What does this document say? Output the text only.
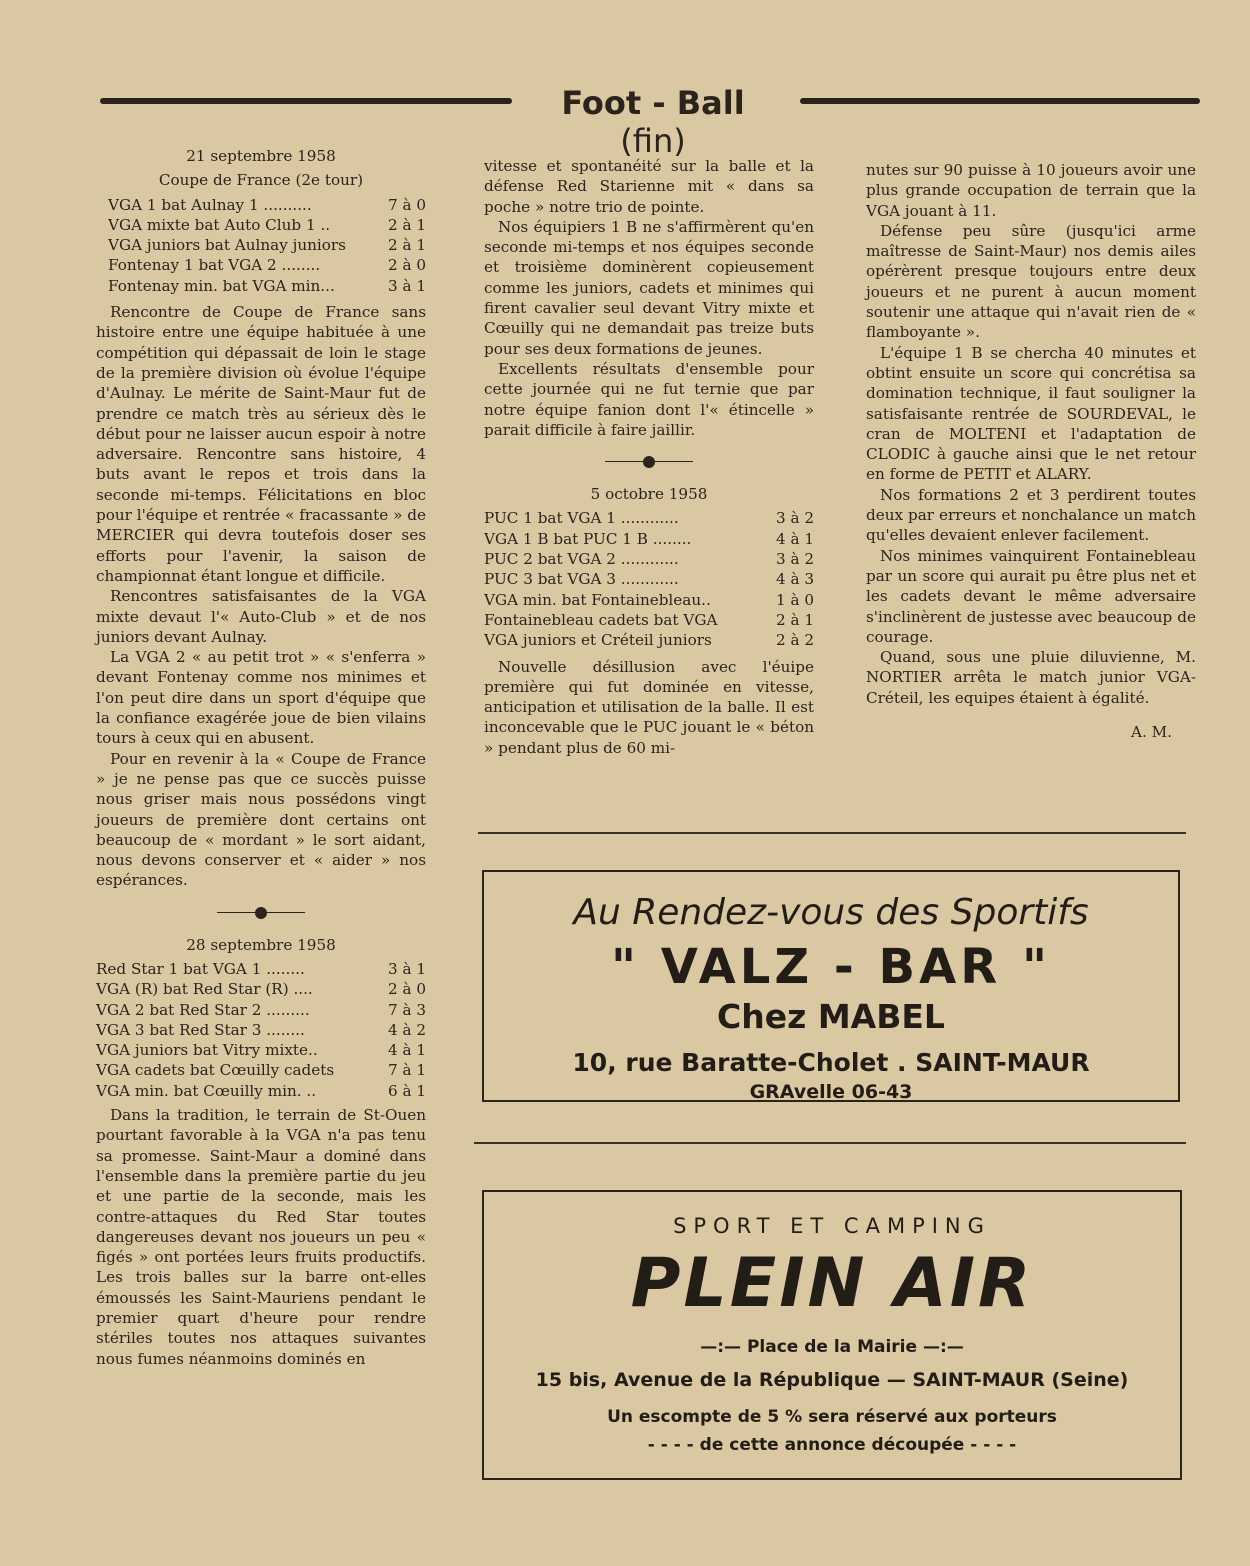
Foot - Ball (fin)
21 septembre 1958
Coupe de France (2e tour)
VGA 1 bat Aulnay 1 ..........	7 à 0
VGA mixte bat Auto Club 1 ..	2 à 1
VGA juniors bat Aulnay juniors	2 à 1
Fontenay 1 bat VGA 2 ........	2 à 0
Fontenay min. bat VGA min...	3 à 1

Rencontre de Coupe de France sans histoire entre une équipe habituée à une compétition qui dépassait de loin le stage de la première division où évolue l'équipe d'Aulnay. Le mérite de Saint-Maur fut de prendre ce match très au sérieux dès le début pour ne laisser aucun espoir à notre adversaire. Rencontre sans histoire, 4 buts avant le repos et trois dans la seconde mi-temps. Félicitations en bloc pour l'équipe et rentrée « fracassante » de MERCIER qui devra toutefois doser ses efforts pour l'avenir, la saison de championnat étant longue et difficile.

Rencontres satisfaisantes de la VGA mixte devaut l'« Auto-Club » et de nos juniors devant Aulnay.

La VGA 2 « au petit trot » « s'enferra » devant Fontenay comme nos minimes et l'on peut dire dans un sport d'équipe que la confiance exagérée joue de bien vilains tours à ceux qui en abusent.

Pour en revenir à la « Coupe de France » je ne pense pas que ce succès puisse nous griser mais nous possédons vingt joueurs de première dont certains ont beaucoup de « mordant » le sort aidant, nous devons conserver et « aider » nos espérances.

28 septembre 1958
Red Star 1 bat VGA 1 ........	3 à 1
VGA (R) bat Red Star (R) ....	2 à 0
VGA 2 bat Red Star 2 .........	7 à 3
VGA 3 bat Red Star 3 ........	4 à 2
VGA juniors bat Vitry mixte..	4 à 1
VGA cadets bat Cœuilly cadets	7 à 1
VGA min. bat Cœuilly min. ..	6 à 1

Dans la tradition, le terrain de St-Ouen pourtant favorable à la VGA n'a pas tenu sa promesse. Saint-Maur a dominé dans l'ensemble dans la première partie du jeu et une partie de la seconde, mais les contre-attaques du Red Star toutes dangereuses devant nos joueurs un peu « figés » ont portées leurs fruits productifs. Les trois balles sur la barre ont-elles émoussés les Saint-Mauriens pendant le premier quart d'heure pour rendre stériles toutes nos attaques suivantes nous fumes néanmoins dominés en

vitesse et spontanéité sur la balle et la défense Red Starienne mit « dans sa poche » notre trio de pointe.

Nos équipiers 1 B ne s'affirmèrent qu'en seconde mi-temps et nos équipes seconde et troisième dominèrent copieusement comme les juniors, cadets et minimes qui firent cavalier seul devant Vitry mixte et Cœuilly qui ne demandait pas treize buts pour ses deux formations de jeunes.

Excellents résultats d'ensemble pour cette journée qui ne fut ternie que par notre équipe fanion dont l'« étincelle » parait difficile à faire jaillir.

5 octobre 1958
PUC 1 bat VGA 1 ............	3 à 2
VGA 1 B bat PUC 1 B ........	4 à 1
PUC 2 bat VGA 2 ............	3 à 2
PUC 3 bat VGA 3 ............	4 à 3
VGA min. bat Fontainebleau..	1 à 0
Fontainebleau cadets bat VGA	2 à 1
VGA juniors et Créteil juniors	2 à 2

Nouvelle désillusion avec l'éuipe première qui fut dominée en vitesse, anticipation et utilisation de la balle. Il est inconcevable que le PUC jouant le « béton » pendant plus de 60 mi-

nutes sur 90 puisse à 10 joueurs avoir une plus grande occupation de terrain que la VGA jouant à 11.

Défense peu sûre (jusqu'ici arme maîtresse de Saint-Maur) nos demis ailes opérèrent presque toujours entre deux joueurs et ne purent à aucun moment soutenir une attaque qui n'avait rien de « flamboyante ».

L'équipe 1 B se chercha 40 minutes et obtint ensuite un score qui concrétisa sa domination technique, il faut souligner la satisfaisante rentrée de SOURDEVAL, le cran de MOLTENI et l'adaptation de CLODIC à gauche ainsi que le net retour en forme de PETIT et ALARY.

Nos formations 2 et 3 perdirent toutes deux par erreurs et nonchalance un match qu'elles devaient enlever facilement.

Nos minimes vainquirent Fontainebleau par un score qui aurait pu être plus net et les cadets devant le même adversaire s'inclinèrent de justesse avec beaucoup de courage.

Quand, sous une pluie diluvienne, M. NORTIER arrêta le match junior VGA-Créteil, les equipes étaient à égalité.

A. M.
Au Rendez-vous des Sportifs
" VALZ - BAR "
Chez MABEL
10, rue Baratte-Cholet . SAINT-MAUR
GRAvelle 06-43
SPORT ET CAMPING
PLEIN AIR
—:— Place de la Mairie —:—
15 bis, Avenue de la République — SAINT-MAUR (Seine)
Un escompte de 5 % sera réservé aux porteurs
- - - - de cette annonce découpée - - - -
